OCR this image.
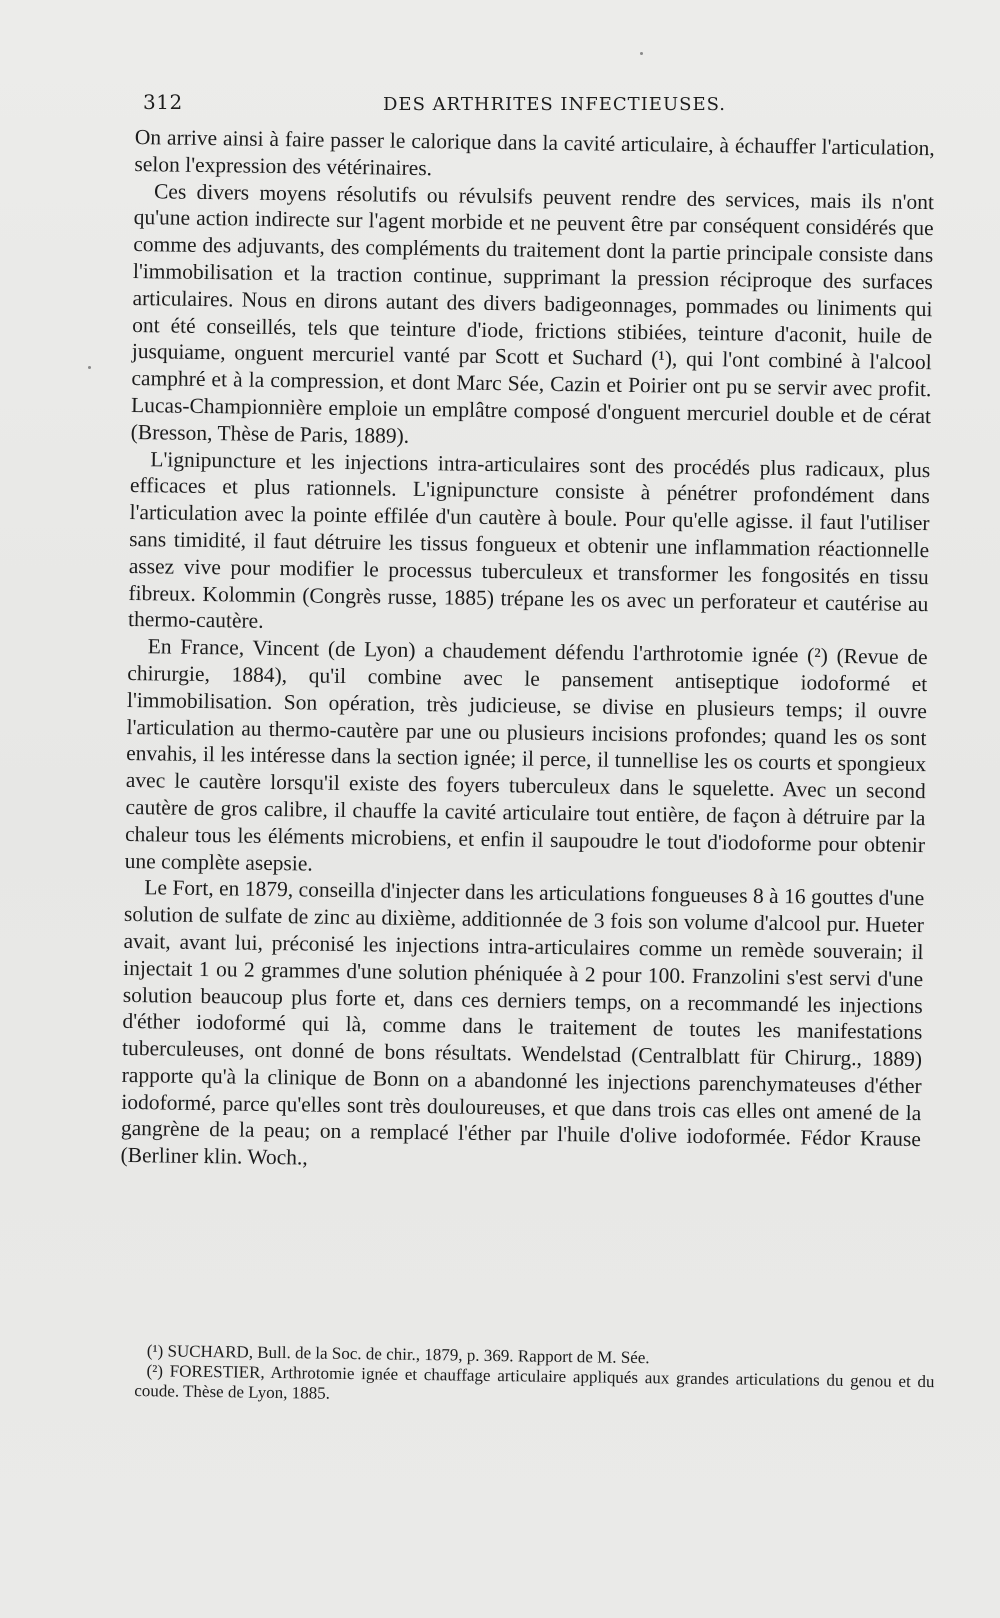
312	DES ARTHRITES INFECTIEUSES.

On arrive ainsi à faire passer le calorique dans la cavité articulaire, à échauffer l'articulation, selon l'expression des vétérinaires.

Ces divers moyens résolutifs ou révulsifs peuvent rendre des services, mais ils n'ont qu'une action indirecte sur l'agent morbide et ne peuvent être par conséquent considérés que comme des adjuvants, des compléments du traitement dont la partie principale consiste dans l'immobilisation et la traction continue, supprimant la pression réciproque des surfaces articulaires. Nous en dirons autant des divers badigeonnages, pommades ou liniments qui ont été conseillés, tels que teinture d'iode, frictions stibiées, teinture d'aconit, huile de jusquiame, onguent mercuriel vanté par Scott et Suchard (¹), qui l'ont combiné à l'alcool camphré et à la compression, et dont Marc Sée, Cazin et Poirier ont pu se servir avec profit. Lucas-Championnière emploie un emplâtre composé d'onguent mercuriel double et de cérat (Bresson, Thèse de Paris, 1889).

L'ignipuncture et les injections intra-articulaires sont des procédés plus radicaux, plus efficaces et plus rationnels. L'ignipuncture consiste à pénétrer profondément dans l'articulation avec la pointe effilée d'un cautère à boule. Pour qu'elle agisse. il faut l'utiliser sans timidité, il faut détruire les tissus fongueux et obtenir une inflammation réactionnelle assez vive pour modifier le processus tuberculeux et transformer les fongosités en tissu fibreux. Kolommin (Congrès russe, 1885) trépane les os avec un perforateur et cautérise au thermo-cautère.

En France, Vincent (de Lyon) a chaudement défendu l'arthrotomie ignée (²) (Revue de chirurgie, 1884), qu'il combine avec le pansement antiseptique iodoformé et l'immobilisation. Son opération, très judicieuse, se divise en plusieurs temps; il ouvre l'articulation au thermo-cautère par une ou plusieurs incisions profondes; quand les os sont envahis, il les intéresse dans la section ignée; il perce, il tunnellise les os courts et spongieux avec le cautère lorsqu'il existe des foyers tuberculeux dans le squelette. Avec un second cautère de gros calibre, il chauffe la cavité articulaire tout entière, de façon à détruire par la chaleur tous les éléments microbiens, et enfin il saupoudre le tout d'iodoforme pour obtenir une complète asepsie.

Le Fort, en 1879, conseilla d'injecter dans les articulations fongueuses 8 à 16 gouttes d'une solution de sulfate de zinc au dixième, additionnée de 3 fois son volume d'alcool pur. Hueter avait, avant lui, préconisé les injections intra-articulaires comme un remède souverain; il injectait 1 ou 2 grammes d'une solution phéniquée à 2 pour 100. Franzolini s'est servi d'une solution beaucoup plus forte et, dans ces derniers temps, on a recommandé les injections d'éther iodoformé qui là, comme dans le traitement de toutes les manifestations tuberculeuses, ont donné de bons résultats. Wendelstad (Centralblatt für Chirurg., 1889) rapporte qu'à la clinique de Bonn on a abandonné les injections parenchymateuses d'éther iodoformé, parce qu'elles sont très douloureuses, et que dans trois cas elles ont amené de la gangrène de la peau; on a remplacé l'éther par l'huile d'olive iodoformée. Fédor Krause (Berliner klin. Woch.,

(¹) SUCHARD, Bull. de la Soc. de chir., 1879, p. 369. Rapport de M. Sée.

(²) FORESTIER, Arthrotomie ignée et chauffage articulaire appliqués aux grandes articulations du genou et du coude. Thèse de Lyon, 1885.
